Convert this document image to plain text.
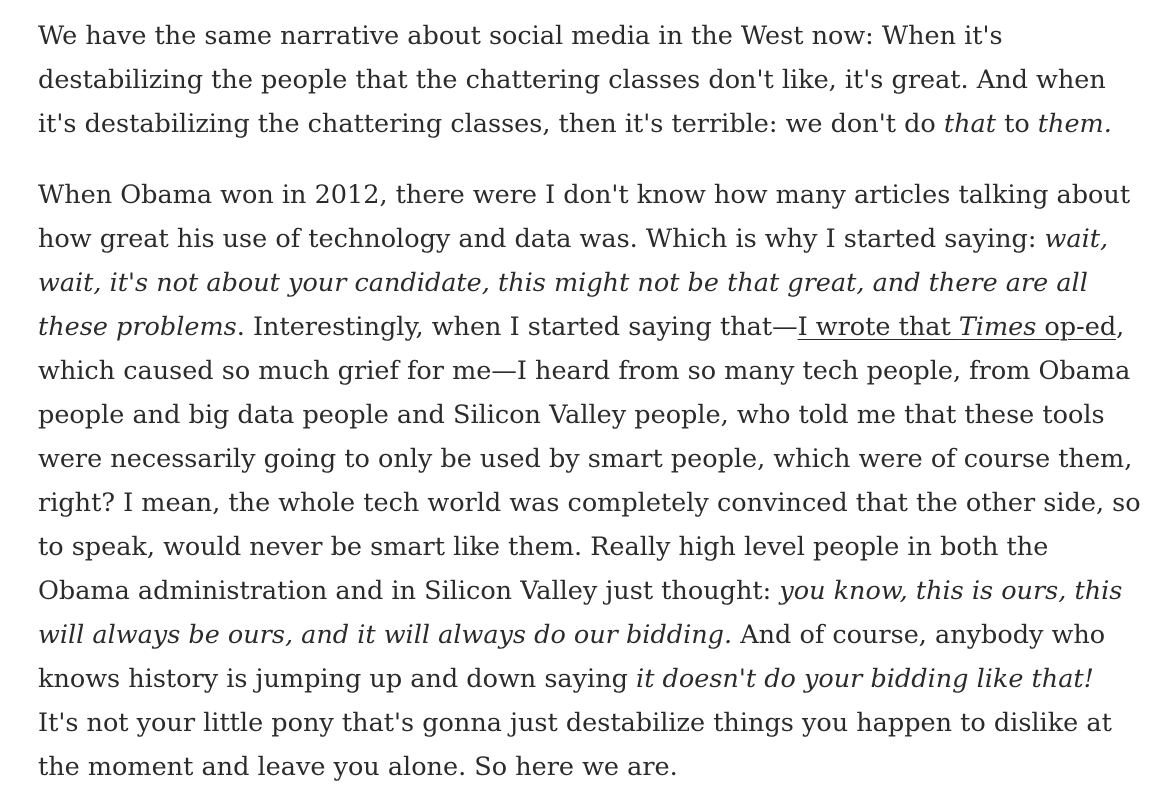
We have the same narrative about social media in the West now: When it's destabilizing the people that the chattering classes don't like, it's great. And when it's destabilizing the chattering classes, then it's terrible: we don't do that to them.

When Obama won in 2012, there were I don't know how many articles talking about how great his use of technology and data was. Which is why I started saying: wait, wait, it's not about your candidate, this might not be that great, and there are all these problems. Interestingly, when I started saying that—I wrote that Times op-ed, which caused so much grief for me—I heard from so many tech people, from Obama people and big data people and Silicon Valley people, who told me that these tools were necessarily going to only be used by smart people, which were of course them, right? I mean, the whole tech world was completely convinced that the other side, so to speak, would never be smart like them. Really high level people in both the Obama administration and in Silicon Valley just thought: you know, this is ours, this will always be ours, and it will always do our bidding. And of course, anybody who knows history is jumping up and down saying it doesn't do your bidding like that! It's not your little pony that's gonna just destabilize things you happen to dislike at the moment and leave you alone. So here we are.
